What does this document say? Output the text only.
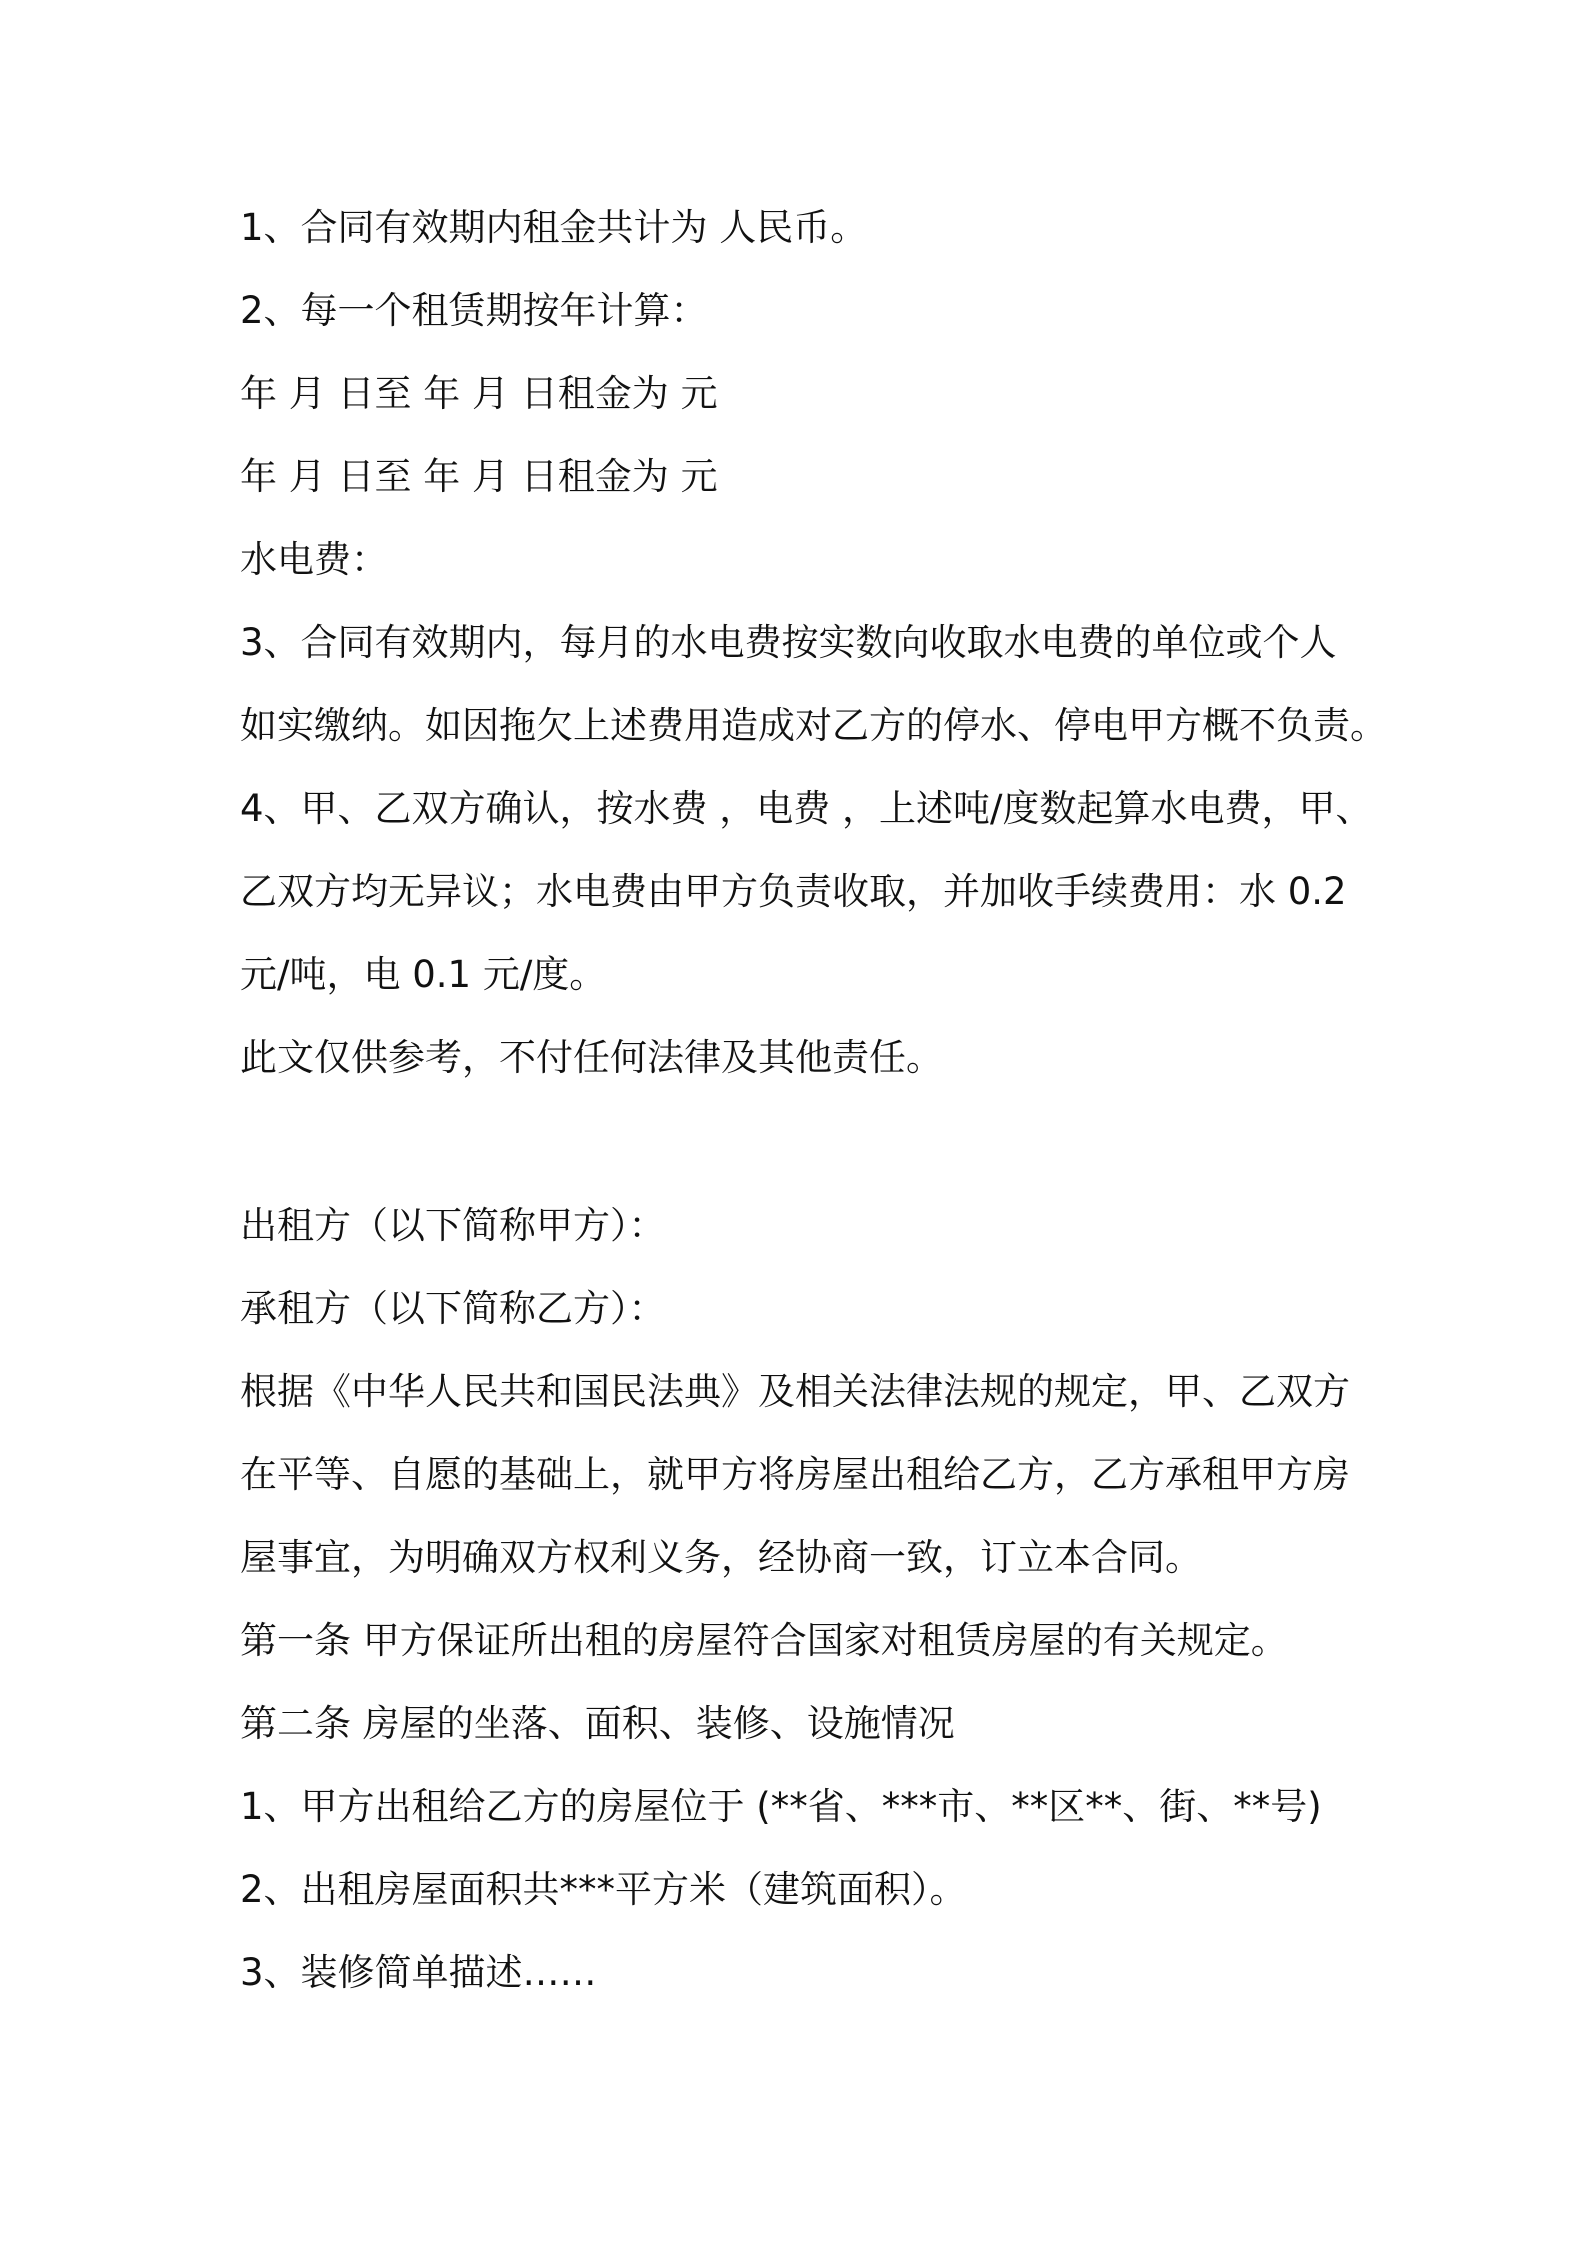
1、合同有效期内租金共计为 人民币。

2、每一个租赁期按年计算：

年 月 日至 年 月 日租金为 元

年 月 日至 年 月 日租金为 元

水电费：

3、合同有效期内，每月的水电费按实数向收取水电费的单位或个人

如实缴纳。如因拖欠上述费用造成对乙方的停水、停电甲方概不负责。

4、甲、乙双方确认，按水费 ，电费 ，上述吨/度数起算水电费，甲、

乙双方均无异议；水电费由甲方负责收取，并加收手续费用：水 0.2

元/吨，电 0.1 元/度。

此文仅供参考，不付任何法律及其他责任。

出租方（以下简称甲方）：

承租方（以下简称乙方）：

根据《中华人民共和国民法典》及相关法律法规的规定，甲、乙双方

在平等、自愿的基础上，就甲方将房屋出租给乙方，乙方承租甲方房

屋事宜，为明确双方权利义务，经协商一致，订立本合同。

第一条 甲方保证所出租的房屋符合国家对租赁房屋的有关规定。

第二条 房屋的坐落、面积、装修、设施情况

1、甲方出租给乙方的房屋位于 (**省、***市、**区**、街、**号)

2、出租房屋面积共***平方米（建筑面积）。

3、装修简单描述……
